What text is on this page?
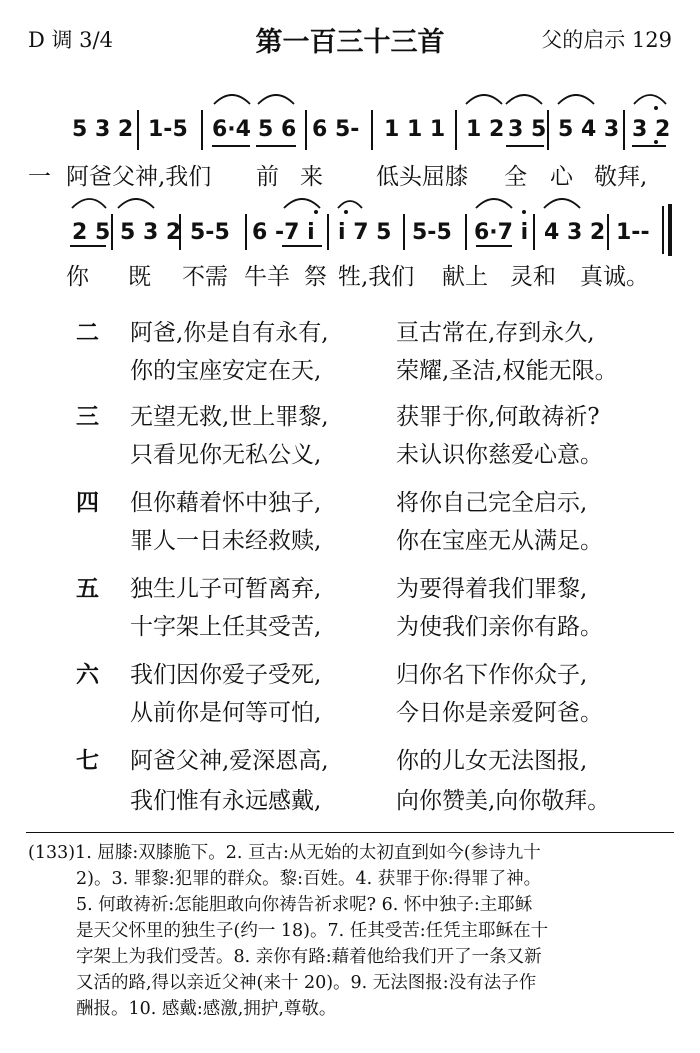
D 调 3/4	第一百三十三首	父的启示 129
5 3 2 1-5 6·4 5 6 6 5- 1 1 1 1 2 3 5 5 4 3 3 2
一 阿爸父神,我们 前 来 低头屈膝 全 心 敬拜,
2 5 5 3 2 5-5 6 -7 i i 7 5 5-5 6·7 i 4 3 2 1--
你 既 不需 牛羊 祭 牲,我们 献上 灵和 真诚。
二 阿爸,你是自有永有,	亘古常在,存到永久,
你的宝座安定在天,	荣耀,圣洁,权能无限。
三 无望无救,世上罪黎,	获罪于你,何敢祷祈?
只看见你无私公义,	未认识你慈爱心意。
四 但你藉着怀中独子,	将你自己完全启示,
罪人一日未经救赎,	你在宝座无从满足。
五 独生儿子可暂离弃,	为要得着我们罪黎,
十字架上任其受苦,	为使我们亲你有路。
六 我们因你爱子受死,	归你名下作你众子,
从前你是何等可怕,	今日你是亲爱阿爸。
七 阿爸父神,爱深恩高,	你的儿女无法图报,
我们惟有永远感戴,	向你赞美,向你敬拜。
(133)1. 屈膝:双膝脆下。2. 亘古:从无始的太初直到如今(参诗九十
2)。3. 罪黎:犯罪的群众。黎:百姓。4. 获罪于你:得罪了神。
5. 何敢祷祈:怎能胆敢向你祷告祈求呢? 6. 怀中独子:主耶稣
是天父怀里的独生子(约一 18)。7. 任其受苦:任凭主耶稣在十
字架上为我们受苦。8. 亲你有路:藉着他给我们开了一条又新
又活的路,得以亲近父神(来十 20)。9. 无法图报:没有法子作
酬报。10. 感戴:感激,拥护,尊敬。
